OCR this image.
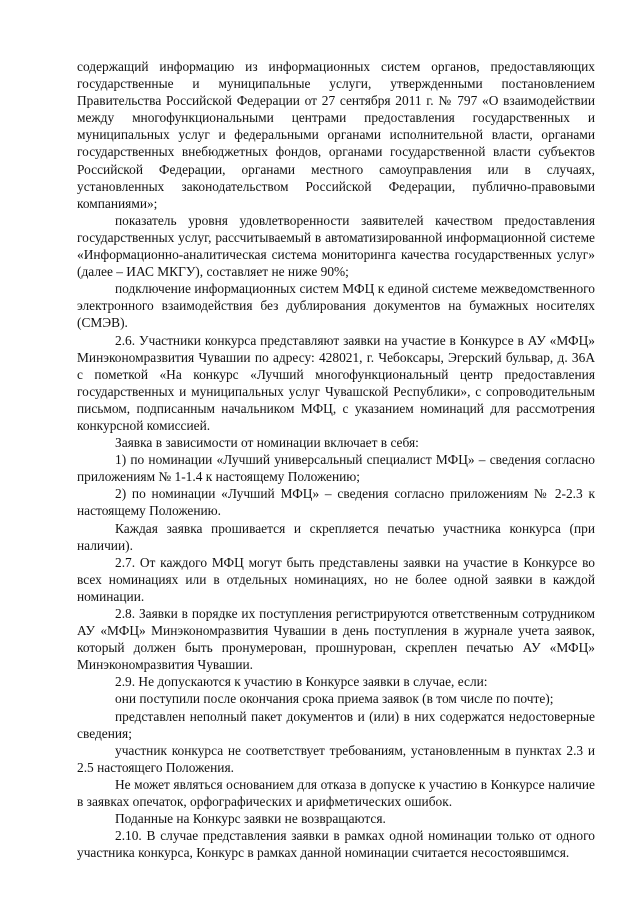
содержащий информацию из информационных систем органов, предоставляющих государственные и муниципальные услуги, утвержденными постановлением Правительства Российской Федерации от 27 сентября 2011 г. № 797 «О взаимодействии между многофункциональными центрами предоставления государственных и муниципальных услуг и федеральными органами исполнительной власти, органами государственных внебюджетных фондов, органами государственной власти субъектов Российской Федерации, органами местного самоуправления или в случаях, установленных законодательством Российской Федерации, публично-правовыми компаниями»;

показатель уровня удовлетворенности заявителей качеством предоставления государственных услуг, рассчитываемый в автоматизированной информационной системе «Информационно-аналитическая система мониторинга качества государственных услуг» (далее – ИАС МКГУ), составляет не ниже 90%;

подключение информационных систем МФЦ к единой системе межведомственного электронного взаимодействия без дублирования документов на бумажных носителях (СМЭВ).

2.6. Участники конкурса представляют заявки на участие в Конкурсе в АУ «МФЦ» Минэкономразвития Чувашии по адресу: 428021, г. Чебоксары, Эгерский бульвар, д. 36А с пометкой «На конкурс «Лучший многофункциональный центр предоставления государственных и муниципальных услуг Чувашской Республики», с сопроводительным письмом, подписанным начальником МФЦ, с указанием номинаций для рассмотрения конкурсной комиссией.

Заявка в зависимости от номинации включает в себя:

1) по номинации «Лучший универсальный специалист МФЦ» – сведения согласно приложениям № 1-1.4 к настоящему Положению;

2) по номинации «Лучший МФЦ» – сведения согласно приложениям № 2-2.3 к настоящему Положению.

Каждая заявка прошивается и скрепляется печатью участника конкурса (при наличии).

2.7. От каждого МФЦ могут быть представлены заявки на участие в Конкурсе во всех номинациях или в отдельных номинациях, но не более одной заявки в каждой номинации.

2.8. Заявки в порядке их поступления регистрируются ответственным сотрудником АУ «МФЦ» Минэкономразвития Чувашии в день поступления в журнале учета заявок, который должен быть пронумерован, прошнурован, скреплен печатью АУ «МФЦ» Минэкономразвития Чувашии.

2.9. Не допускаются к участию в Конкурсе заявки в случае, если:

они поступили после окончания срока приема заявок (в том числе по почте);

представлен неполный пакет документов и (или) в них содержатся недостоверные сведения;

участник конкурса не соответствует требованиям, установленным в пунктах 2.3 и 2.5 настоящего Положения.

Не может являться основанием для отказа в допуске к участию в Конкурсе наличие в заявках опечаток, орфографических и арифметических ошибок.

Поданные на Конкурс заявки не возвращаются.

2.10. В случае представления заявки в рамках одной номинации только от одного участника конкурса, Конкурс в рамках данной номинации считается несостоявшимся.
